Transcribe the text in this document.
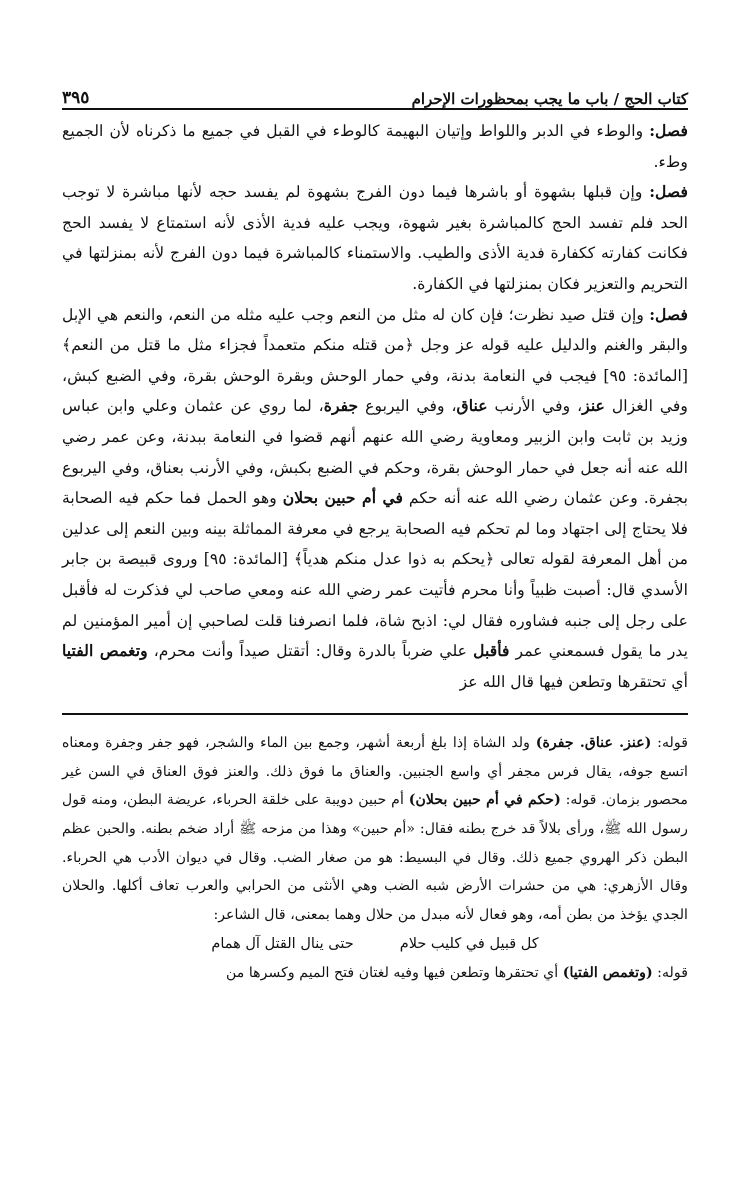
كتاب الحج / باب ما يجب بمحظورات الإحرام
٣٩٥

فصل: والوطء في الدبر واللواط وإتيان البهيمة كالوطء في القبل في جميع ما ذكرناه لأن الجميع وطء.

فصل: وإن قبلها بشهوة أو باشرها فيما دون الفرج بشهوة لم يفسد حجه لأنها مباشرة لا توجب الحد فلم تفسد الحج كالمباشرة بغير شهوة، ويجب عليه فدية الأذى لأنه استمتاع لا يفسد الحج فكانت كفارته ككفارة فدية الأذى والطيب. والاستمناء كالمباشرة فيما دون الفرج لأنه بمنزلتها في التحريم والتعزير فكان بمنزلتها في الكفارة.

فصل: وإن قتل صيد نظرت؛ فإن كان له مثل من النعم وجب عليه مثله من النعم، والنعم هي الإبل والبقر والغنم والدليل عليه قوله عز وجل ﴿من قتله منكم متعمداً فجزاء مثل ما قتل من النعم﴾ [المائدة: ٩٥] فيجب في النعامة بدنة، وفي حمار الوحش وبقرة الوحش بقرة، وفي الضبع كبش، وفي الغزال عنز، وفي الأرنب عناق، وفي اليربوع جفرة، لما روي عن عثمان وعلي وابن عباس وزيد بن ثابت وابن الزبير ومعاوية رضي الله عنهم أنهم قضوا في النعامة ببدنة، وعن عمر رضي الله عنه أنه جعل في حمار الوحش بقرة، وحكم في الضبع بكبش، وفي الأرنب بعناق، وفي اليربوع بجفرة. وعن عثمان رضي الله عنه أنه حكم في أم حبين بحلان وهو الحمل فما حكم فيه الصحابة فلا يحتاج إلى اجتهاد وما لم تحكم فيه الصحابة يرجع في معرفة المماثلة بينه وبين النعم إلى عدلين من أهل المعرفة لقوله تعالى ﴿يحكم به ذوا عدل منكم هدياً﴾ [المائدة: ٩٥] وروى قبيصة بن جابر الأسدي قال: أصبت ظبياً وأنا محرم فأتيت عمر رضي الله عنه ومعي صاحب لي فذكرت له فأقبل على رجل إلى جنبه فشاوره فقال لي: اذبح شاة، فلما انصرفنا قلت لصاحبي إن أمير المؤمنين لم يدر ما يقول فسمعني عمر فأقبل علي ضرباً بالدرة وقال: أتقتل صيداً وأنت محرم، وتغمص الفتيا أي تحتقرها وتطعن فيها قال الله عز

قوله: (عنز. عناق. جفرة) ولد الشاة إذا بلغ أربعة أشهر، وجمع بين الماء والشجر، فهو جفر وجفرة ومعناه اتسع جوفه، يقال فرس مجفر أي واسع الجنبين. والعناق ما فوق ذلك. والعنز فوق العناق في السن غير محصور بزمان. قوله: (حكم في أم حبين بحلان) أم حبين دويبة على خلقة الحرباء، عريضة البطن، ومنه قول رسول الله ﷺ، ورأى بلالاً قد خرج بطنه فقال: «أم حبين» وهذا من مزحه ﷺ أراد ضخم بطنه. والحبن عظم البطن ذكر الهروي جميع ذلك. وقال في البسيط: هو من صغار الضب. وقال في ديوان الأدب هي الحرباء. وقال الأزهري: هي من حشرات الأرض شبه الضب وهي الأنثى من الحرابي والعرب تعاف أكلها. والحلان الجدي يؤخذ من بطن أمه، وهو فعال لأنه مبدل من حلال وهما بمعنى، قال الشاعر:

كل قبيل في كليب حلام
حتى ينال القتل آل همام

قوله: (وتغمص الفتيا) أي تحتقرها وتطعن فيها وفيه لغتان فتح الميم وكسرها من
